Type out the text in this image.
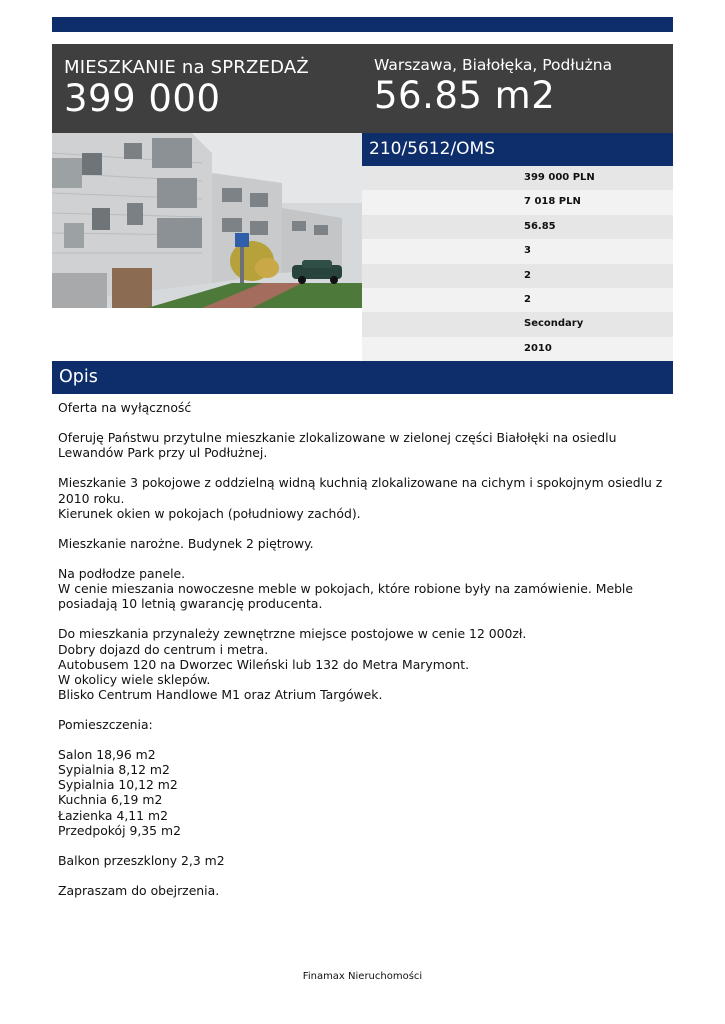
MIESZKANIE na SPRZEDAŻ
399 000
Warszawa, Białołęka, Podłużna
56.85 m2
210/5612/OMS
399 000 PLN
7 018 PLN
56.85
3
2
2
Secondary
2010
Opis

Oferta na wyłączność

Oferuję Państwu przytulne mieszkanie zlokalizowane w zielonej części Białołęki na osiedlu Lewandów Park przy ul Podłużnej.

Mieszkanie 3 pokojowe z oddzielną widną kuchnią zlokalizowane na cichym i spokojnym osiedlu z 2010 roku.
Kierunek okien w pokojach (południowy zachód).

Mieszkanie narożne. Budynek 2 piętrowy.

Na podłodze panele.
W cenie mieszania nowoczesne meble w pokojach, które robione były na zamówienie. Meble posiadają 10 letnią gwarancję producenta.

Do mieszkania przynależy zewnętrzne miejsce postojowe w cenie 12 000zł.
Dobry dojazd do centrum i metra.
Autobusem 120 na Dworzec Wileński lub 132 do Metra Marymont.
W okolicy wiele sklepów.
Blisko Centrum Handlowe M1 oraz Atrium Targówek.

Pomieszczenia:

Salon 18,96 m2
Sypialnia 8,12 m2
Sypialnia 10,12 m2
Kuchnia 6,19 m2
Łazienka 4,11 m2
Przedpokój 9,35 m2

Balkon przeszklony 2,3 m2

Zapraszam do obejrzenia.

Finamax Nieruchomości
